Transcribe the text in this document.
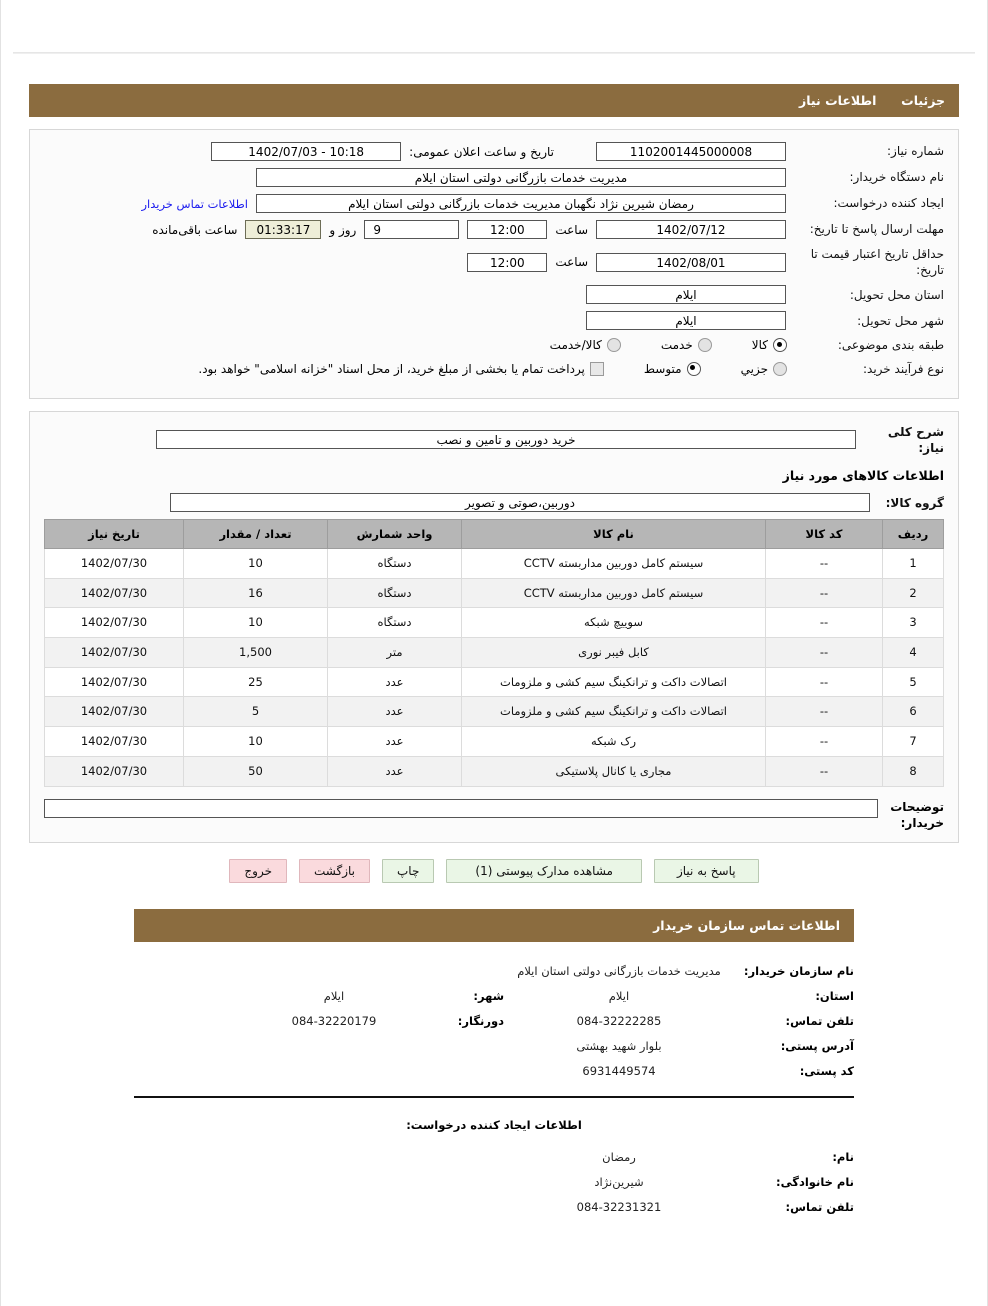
جزئیات  اطلاعات نیاز
شماره نیاز:
1102001445000008
تاریخ و ساعت اعلان عمومی:
10:18 - 1402/07/03
نام دستگاه خریدار:
مدیریت خدمات بازرگانی دولتی استان ایلام
ایجاد کننده درخواست:
رمضان شیرین نژاد نگهبان مدیریت خدمات بازرگانی دولتی استان ایلام
اطلاعات تماس خریدار
مهلت ارسال پاسخ تا تاریخ:
1402/07/12
ساعت
12:00
9
روز و
01:33:17
ساعت باقی‌مانده
حداقل تاریخ اعتبار قیمت تا تاریخ:
1402/08/01
ساعت
12:00
استان محل تحویل:
ایلام
شهر محل تحویل:
ایلام
طبقه بندی موضوعی:
کالا
خدمت
کالا/خدمت
نوع فرآیند خرید:
جزيي
متوسط
پرداخت تمام یا بخشی از مبلغ خرید، از محل اسناد "خزانه اسلامی" خواهد بود.
شرح کلی نیاز:
خرید دوربین و تامین و نصب
اطلاعات کالاهای مورد نیاز
گروه کالا:
دوربین،صوتی و تصویر
ردیف	کد کالا	نام کالا	واحد شمارش	تعداد / مقدار	تاریخ نیاز
1	--	سیستم کامل دوربین مداربسته CCTV	دستگاه	10	1402/07/30
2	--	سیستم کامل دوربین مداربسته CCTV	دستگاه	16	1402/07/30
3	--	سوییچ شبکه	دستگاه	10	1402/07/30
4	--	کابل فیبر نوری	متر	1,500	1402/07/30
5	--	اتصالات داکت و ترانکینگ سیم کشی و ملزومات	عدد	25	1402/07/30
6	--	اتصالات داکت و ترانکینگ سیم کشی و ملزومات	عدد	5	1402/07/30
7	--	رک شبکه	عدد	10	1402/07/30
8	--	مجاری یا کانال پلاستیکی	عدد	50	1402/07/30
توضیحات خریدار:
پاسخ به نیاز
مشاهده مدارک پیوستی (1)
چاپ
بازگشت
خروج
اطلاعات تماس سازمان خریدار
نام سازمان خریدار:
مدیریت خدمات بازرگانی دولتی استان ایلام
استان:
ایلام
شهر:
ایلام
تلفن تماس:
084-32222285
دورنگار:
084-32220179
آدرس پستی:
بلوار شهید بهشتی
کد پستی:
6931449574
اطلاعات ایجاد کننده درخواست:
نام:
رمضان
نام خانوادگی:
شیرین‌نژاد
تلفن تماس:
084-32231321
